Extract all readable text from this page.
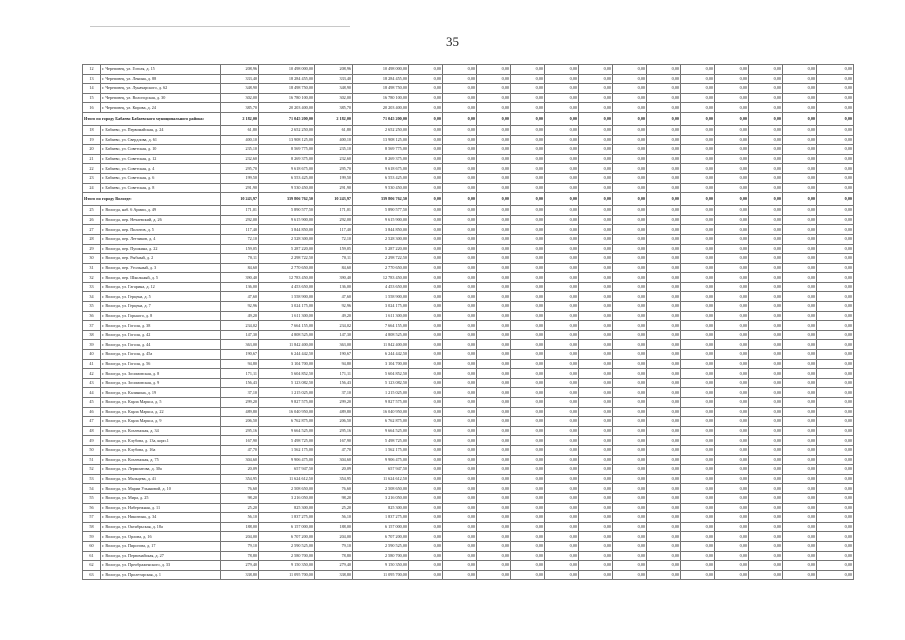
35
12	г. Череповец, ул. Гоголя, д. 15	208,96	10 498 000,00	208,96	10 498 000,00	0,00	0,00	0,00	0,00	0,00	0,00	0,00	0,00	0,00	0,00	0,00	0,00	0,00
13	г. Череповец, ул. Ленина, д. 88	333,40	18 284 455,00	333,40	18 284 455,00	0,00	0,00	0,00	0,00	0,00	0,00	0,00	0,00	0,00	0,00	0,00	0,00	0,00
14	г. Череповец, ул. Луначарского, д. 62	348,90	18 498 750,00	348,90	18 498 750,00	0,00	0,00	0,00	0,00	0,00	0,00	0,00	0,00	0,00	0,00	0,00	0,00	0,00
15	г. Череповец, ул. Вологодская, д. 30	302,00	16 780 100,00	302,00	16 780 100,00	0,00	0,00	0,00	0,00	0,00	0,00	0,00	0,00	0,00	0,00	0,00	0,00	0,00
16	г. Череповец, ул. Кирова, д. 24	385,70	20 203 400,00	385,70	20 203 400,00	0,00	0,00	0,00	0,00	0,00	0,00	0,00	0,00	0,00	0,00	0,00	0,00	0,00
Итого по городу Бабаево Бабаевского муниципального района:		2 182,00	71 045 200,00	2 182,00	71 045 200,00	0,00	0,00	0,00	0,00	0,00	0,00	0,00	0,00	0,00	0,00	0,00	0,00	0,00
18	г. Бабаево, ул. Первомайская, д. 24	61,80	2 652 250,00	61,80	2 652 250,00	0,00	0,00	0,00	0,00	0,00	0,00	0,00	0,00	0,00	0,00	0,00	0,00	0,00
19	г. Бабаево, ул. Свердлова, д. 61	400,10	13 908 125,00	400,10	13 908 125,00	0,00	0,00	0,00	0,00	0,00	0,00	0,00	0,00	0,00	0,00	0,00	0,00	0,00
20	г. Бабаево, ул. Советская, д. 10	235,10	8 569 775,00	235,10	8 569 775,00	0,00	0,00	0,00	0,00	0,00	0,00	0,00	0,00	0,00	0,00	0,00	0,00	0,00
21	г. Бабаево, ул. Советская, д. 12	232,60	8 269 375,00	232,60	8 269 375,00	0,00	0,00	0,00	0,00	0,00	0,00	0,00	0,00	0,00	0,00	0,00	0,00	0,00
22	г. Бабаево, ул. Советская, д. 4	295,70	9 618 675,00	295,70	9 618 675,00	0,00	0,00	0,00	0,00	0,00	0,00	0,00	0,00	0,00	0,00	0,00	0,00	0,00
23	г. Бабаево, ул. Советская, д. 6	199,50	6 553 425,00	199,50	6 553 425,00	0,00	0,00	0,00	0,00	0,00	0,00	0,00	0,00	0,00	0,00	0,00	0,00	0,00
24	г. Бабаево, ул. Советская, д. 8	291,90	9 530 450,00	291,90	9 530 450,00	0,00	0,00	0,00	0,00	0,00	0,00	0,00	0,00	0,00	0,00	0,00	0,00	0,00
Итого по городу Вологде:		10 243,97	339 806 762,50	10 243,97	339 806 762,50	0,00	0,00	0,00	0,00	0,00	0,00	0,00	0,00	0,00	0,00	0,00	0,00	0,00
25	г. Вологда, наб. 6 Армии, д. 49	171,01	5 890 577,50	171,01	5 890 577,50	0,00	0,00	0,00	0,00	0,00	0,00	0,00	0,00	0,00	0,00	0,00	0,00	0,00
26	г. Вологда, пер. Нечаевский, д. 26	292,00	9 615 900,00	292,00	9 615 900,00	0,00	0,00	0,00	0,00	0,00	0,00	0,00	0,00	0,00	0,00	0,00	0,00	0,00
27	г. Вологда, пер. Пилотов, д. 5	117,40	3 844 850,00	117,40	3 844 850,00	0,00	0,00	0,00	0,00	0,00	0,00	0,00	0,00	0,00	0,00	0,00	0,00	0,00
28	г. Вологда, пер. Летчиков, д. 4	72,10	2 528 300,00	72,10	2 528 300,00	0,00	0,00	0,00	0,00	0,00	0,00	0,00	0,00	0,00	0,00	0,00	0,00	0,00
29	г. Вологда, пер. Пушкина, д. 22	159,05	5 287 220,00	159,05	5 287 220,00	0,00	0,00	0,00	0,00	0,00	0,00	0,00	0,00	0,00	0,00	0,00	0,00	0,00
30	г. Вологда, пер. Рыбный, д. 2	70,11	2 298 722,50	70,11	2 298 722,50	0,00	0,00	0,00	0,00	0,00	0,00	0,00	0,00	0,00	0,00	0,00	0,00	0,00
31	г. Вологда, пер. Угольный, д. 3	84,60	2 770 650,00	84,60	2 770 650,00	0,00	0,00	0,00	0,00	0,00	0,00	0,00	0,00	0,00	0,00	0,00	0,00	0,00
32	г. Вологда, пер. Школьный, д. 5	390,40	12 783 450,00	390,40	12 783 450,00	0,00	0,00	0,00	0,00	0,00	0,00	0,00	0,00	0,00	0,00	0,00	0,00	0,00
33	г. Вологда, ул. Гагарина, д. 12	136,00	4 453 650,00	136,00	4 453 650,00	0,00	0,00	0,00	0,00	0,00	0,00	0,00	0,00	0,00	0,00	0,00	0,00	0,00
34	г. Вологда, ул. Герцена, д. 5	47,60	1 558 900,00	47,60	1 558 900,00	0,00	0,00	0,00	0,00	0,00	0,00	0,00	0,00	0,00	0,00	0,00	0,00	0,00
35	г. Вологда, ул. Герцена, д. 7	92,96	3 024 175,00	92,96	3 024 175,00	0,00	0,00	0,00	0,00	0,00	0,00	0,00	0,00	0,00	0,00	0,00	0,00	0,00
36	г. Вологда, ул. Горького, д. 8	49,20	1 611 300,00	49,20	1 611 300,00	0,00	0,00	0,00	0,00	0,00	0,00	0,00	0,00	0,00	0,00	0,00	0,00	0,00
37	г. Вологда, ул. Гоголя, д. 38	234,02	7 664 155,00	234,02	7 664 155,00	0,00	0,00	0,00	0,00	0,00	0,00	0,00	0,00	0,00	0,00	0,00	0,00	0,00
38	г. Вологда, ул. Гоголя, д. 42	147,30	4 808 525,00	147,30	4 808 525,00	0,00	0,00	0,00	0,00	0,00	0,00	0,00	0,00	0,00	0,00	0,00	0,00	0,00
39	г. Вологда, ул. Гоголя, д. 44	363,00	11 842 400,00	363,00	11 842 400,00	0,00	0,00	0,00	0,00	0,00	0,00	0,00	0,00	0,00	0,00	0,00	0,00	0,00
40	г. Вологда, ул. Гоголя, д. 45а	190,67	6 244 442,50	190,67	6 244 442,50	0,00	0,00	0,00	0,00	0,00	0,00	0,00	0,00	0,00	0,00	0,00	0,00	0,00
41	г. Вологда, ул. Гоголя, д. 56	94,80	3 104 700,00	94,80	3 104 700,00	0,00	0,00	0,00	0,00	0,00	0,00	0,00	0,00	0,00	0,00	0,00	0,00	0,00
42	г. Вологда, ул. Зосимовская, д. 8	171,11	5 604 852,50	171,11	5 604 852,50	0,00	0,00	0,00	0,00	0,00	0,00	0,00	0,00	0,00	0,00	0,00	0,00	0,00
43	г. Вологда, ул. Зосимовская, д. 9	156,43	5 123 082,50	156,43	5 123 082,50	0,00	0,00	0,00	0,00	0,00	0,00	0,00	0,00	0,00	0,00	0,00	0,00	0,00
44	г. Вологда, ул. Калинина, д. 19	37,10	1 215 025,00	37,10	1 215 025,00	0,00	0,00	0,00	0,00	0,00	0,00	0,00	0,00	0,00	0,00	0,00	0,00	0,00
45	г. Вологда, ул. Карла Маркса, д. 5	299,20	9 827 575,00	299,20	9 827 575,00	0,00	0,00	0,00	0,00	0,00	0,00	0,00	0,00	0,00	0,00	0,00	0,00	0,00
46	г. Вологда, ул. Карла Маркса, д. 22	489,80	16 040 950,00	489,80	16 040 950,00	0,00	0,00	0,00	0,00	0,00	0,00	0,00	0,00	0,00	0,00	0,00	0,00	0,00
47	г. Вологда, ул. Карла Маркса, д. 9	206,50	6 762 875,00	206,50	6 762 875,00	0,00	0,00	0,00	0,00	0,00	0,00	0,00	0,00	0,00	0,00	0,00	0,00	0,00
48	г. Вологда, ул. Козленская, д. 34	295,16	9 664 525,00	295,16	9 664 525,00	0,00	0,00	0,00	0,00	0,00	0,00	0,00	0,00	0,00	0,00	0,00	0,00	0,00
49	г. Вологда, ул. Клубова, д. 13а, корп.1	167,90	5 498 725,00	167,90	5 498 725,00	0,00	0,00	0,00	0,00	0,00	0,00	0,00	0,00	0,00	0,00	0,00	0,00	0,00
50	г. Вологда, ул. Клубова, д. 16а	47,70	1 562 175,00	47,70	1 562 175,00	0,00	0,00	0,00	0,00	0,00	0,00	0,00	0,00	0,00	0,00	0,00	0,00	0,00
51	г. Вологда, ул. Козленская, д. 75	304,60	9 906 475,00	304,60	9 906 475,00	0,00	0,00	0,00	0,00	0,00	0,00	0,00	0,00	0,00	0,00	0,00	0,00	0,00
52	г. Вологда, ул. Лермонтова, д. 30а	20,09	657 947,50	20,09	657 947,50	0,00	0,00	0,00	0,00	0,00	0,00	0,00	0,00	0,00	0,00	0,00	0,00	0,00
53	г. Вологда, ул. Мальцева, д. 41	354,95	11 624 612,50	354,95	11 624 612,50	0,00	0,00	0,00	0,00	0,00	0,00	0,00	0,00	0,00	0,00	0,00	0,00	0,00
54	г. Вологда, ул. Марии Ульяновой, д. 10	76,60	2 508 650,00	76,60	2 508 650,00	0,00	0,00	0,00	0,00	0,00	0,00	0,00	0,00	0,00	0,00	0,00	0,00	0,00
55	г. Вологда, ул. Мира, д. 25	98,20	3 216 050,00	98,20	3 216 050,00	0,00	0,00	0,00	0,00	0,00	0,00	0,00	0,00	0,00	0,00	0,00	0,00	0,00
56	г. Вологда, ул. Набережная, д. 11	25,20	825 300,00	25,20	825 300,00	0,00	0,00	0,00	0,00	0,00	0,00	0,00	0,00	0,00	0,00	0,00	0,00	0,00
57	г. Вологда, ул. Никитина, д. 34	56,10	1 837 275,00	56,10	1 837 275,00	0,00	0,00	0,00	0,00	0,00	0,00	0,00	0,00	0,00	0,00	0,00	0,00	0,00
58	г. Вологда, ул. Октябрьская, д. 18а	188,00	6 157 000,00	188,00	6 157 000,00	0,00	0,00	0,00	0,00	0,00	0,00	0,00	0,00	0,00	0,00	0,00	0,00	0,00
59	г. Вологда, ул. Орлова, д. 16	204,00	6 707 200,00	204,00	6 707 200,00	0,00	0,00	0,00	0,00	0,00	0,00	0,00	0,00	0,00	0,00	0,00	0,00	0,00
60	г. Вологда, ул. Пирогова, д. 17	79,10	2 590 525,00	79,10	2 590 525,00	0,00	0,00	0,00	0,00	0,00	0,00	0,00	0,00	0,00	0,00	0,00	0,00	0,00
61	г. Вологда, ул. Первомайская, д. 27	78,80	2 580 700,00	78,80	2 580 700,00	0,00	0,00	0,00	0,00	0,00	0,00	0,00	0,00	0,00	0,00	0,00	0,00	0,00
62	г. Вологда, ул. Преображенского, д. 33	279,40	9 150 350,00	279,40	9 150 350,00	0,00	0,00	0,00	0,00	0,00	0,00	0,00	0,00	0,00	0,00	0,00	0,00	0,00
63	г. Вологда, ул. Пролетарская, д. 1	338,80	11 095 700,00	338,80	11 095 700,00	0,00	0,00	0,00	0,00	0,00	0,00	0,00	0,00	0,00	0,00	0,00	0,00	0,00
